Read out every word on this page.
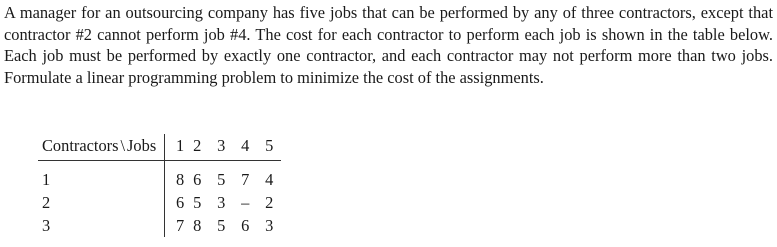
A manager for an outsourcing company has five jobs that can be performed by any of three contractors, except that contractor #2 cannot perform job #4. The cost for each contractor to perform each job is shown in the table below. Each job must be performed by exactly one contractor, and each contractor may not perform more than two jobs. Formulate a linear programming problem to minimize the cost of the assignments.

Contractors \ Jobs	1	2	3	4	5
1	8	6	5	7	4
2	6	5	3	–	2
3	7	8	5	6	3
